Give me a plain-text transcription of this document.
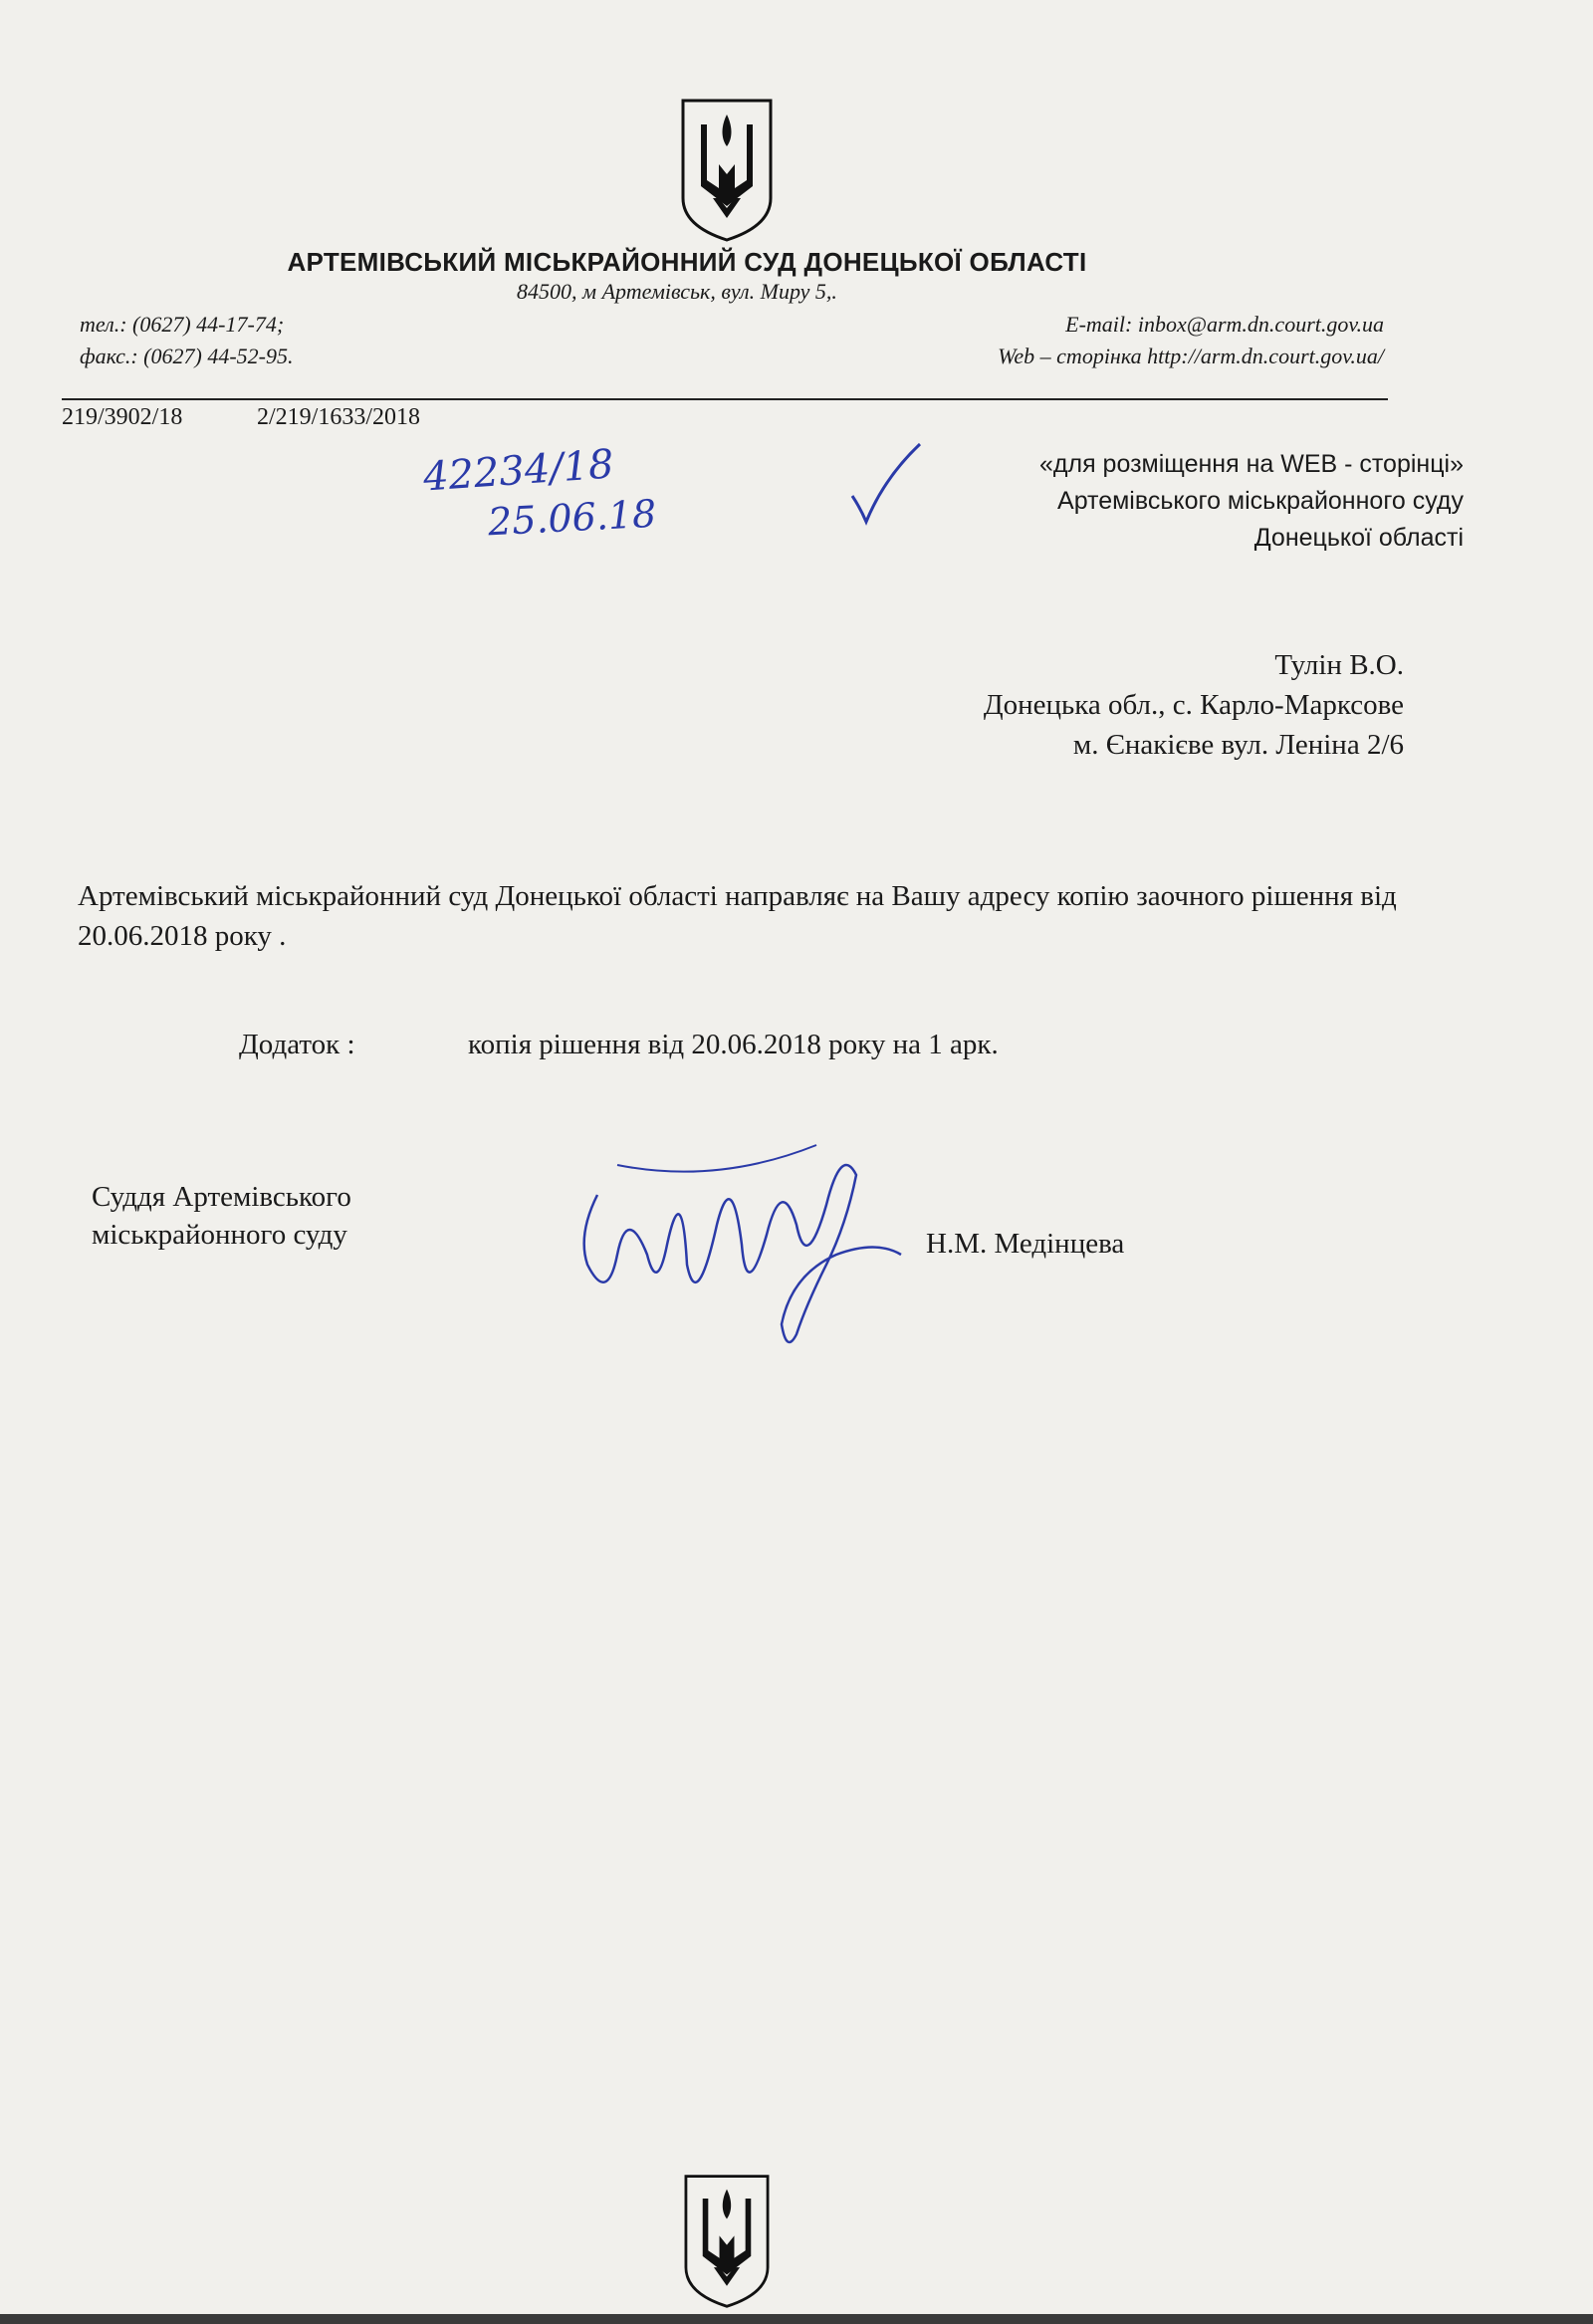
АРТЕМІВСЬКИЙ МІСЬКРАЙОННИЙ СУД ДОНЕЦЬКОЇ ОБЛАСТІ
84500, м Артемівськ, вул. Миру 5,.
тел.: (0627) 44-17-74;
факс.: (0627) 44-52-95.
E-mail: inbox@arm.dn.court.gov.ua
Web – сторінка http://arm.dn.court.gov.ua/
219/3902/18	2/219/1633/2018
42234/18
25.06.18
«для розміщення на WEB - сторінці»
Артемівського міськрайонного суду
Донецької області
Тулін В.О.
Донецька обл., с. Карло-Марксове
м. Єнакієве вул. Леніна 2/6
Артемівський міськрайонний суд Донецької області направляє на Вашу адресу копію заочного рішення від 20.06.2018 року .
Додаток :	копія рішення від 20.06.2018 року на 1 арк.
Суддя Артемівського
міськрайонного суду	Н.М. Медінцева
